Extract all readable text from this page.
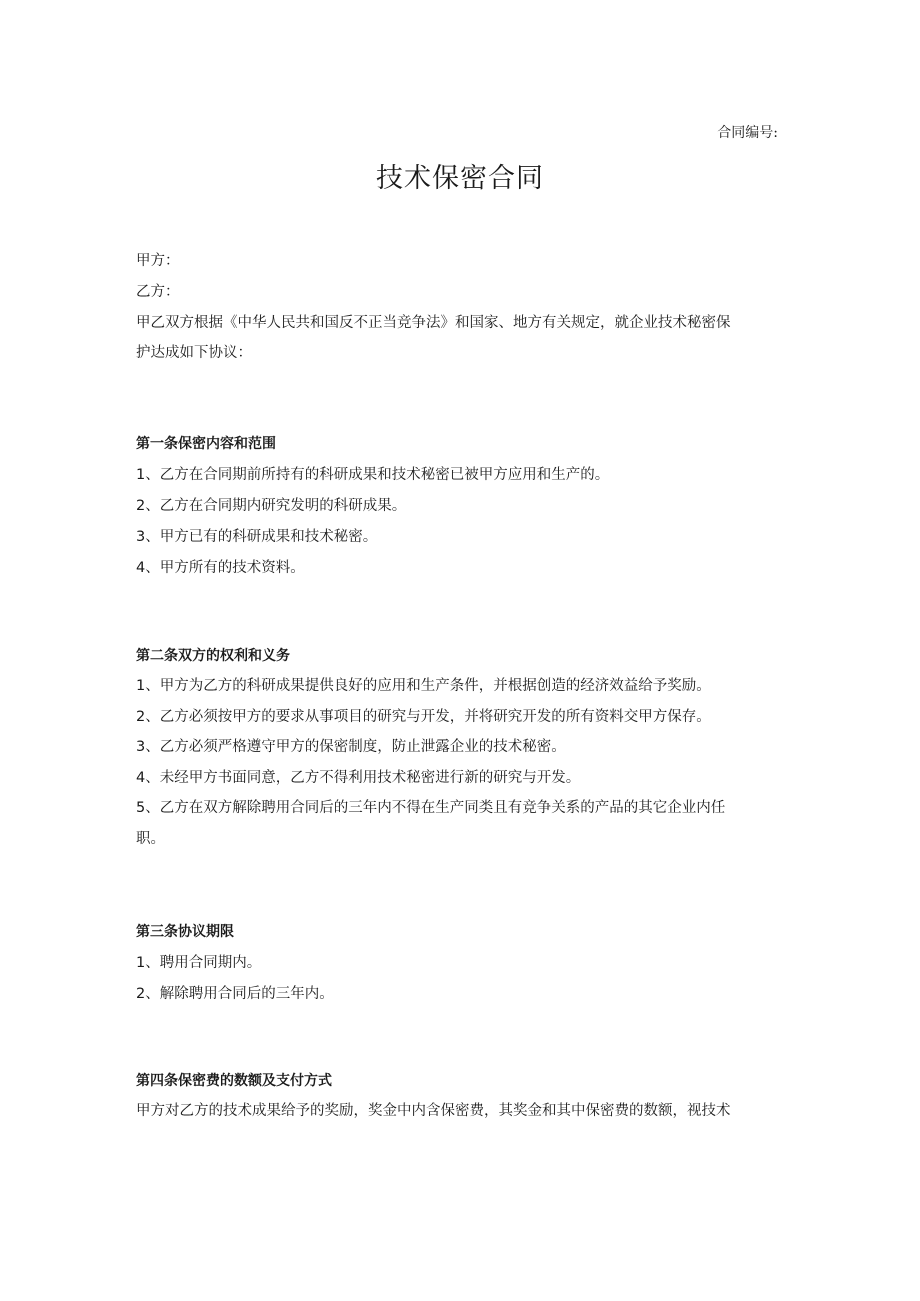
合同编号:
技术保密合同
甲方：
乙方：
甲乙双方根据《中华人民共和国反不正当竞争法》和国家、地方有关规定，就企业技术秘密保
护达成如下协议：
第一条保密内容和范围
1、乙方在合同期前所持有的科研成果和技术秘密已被甲方应用和生产的。
2、乙方在合同期内研究发明的科研成果。
3、甲方已有的科研成果和技术秘密。
4、甲方所有的技术资料。
第二条双方的权利和义务
1、甲方为乙方的科研成果提供良好的应用和生产条件，并根据创造的经济效益给予奖励。
2、乙方必须按甲方的要求从事项目的研究与开发，并将研究开发的所有资料交甲方保存。
3、乙方必须严格遵守甲方的保密制度，防止泄露企业的技术秘密。
4、未经甲方书面同意，乙方不得利用技术秘密进行新的研究与开发。
5、乙方在双方解除聘用合同后的三年内不得在生产同类且有竞争关系的产品的其它企业内任
职。
第三条协议期限
1、聘用合同期内。
2、解除聘用合同后的三年内。
第四条保密费的数额及支付方式
甲方对乙方的技术成果给予的奖励，奖金中内含保密费，其奖金和其中保密费的数额，视技术
